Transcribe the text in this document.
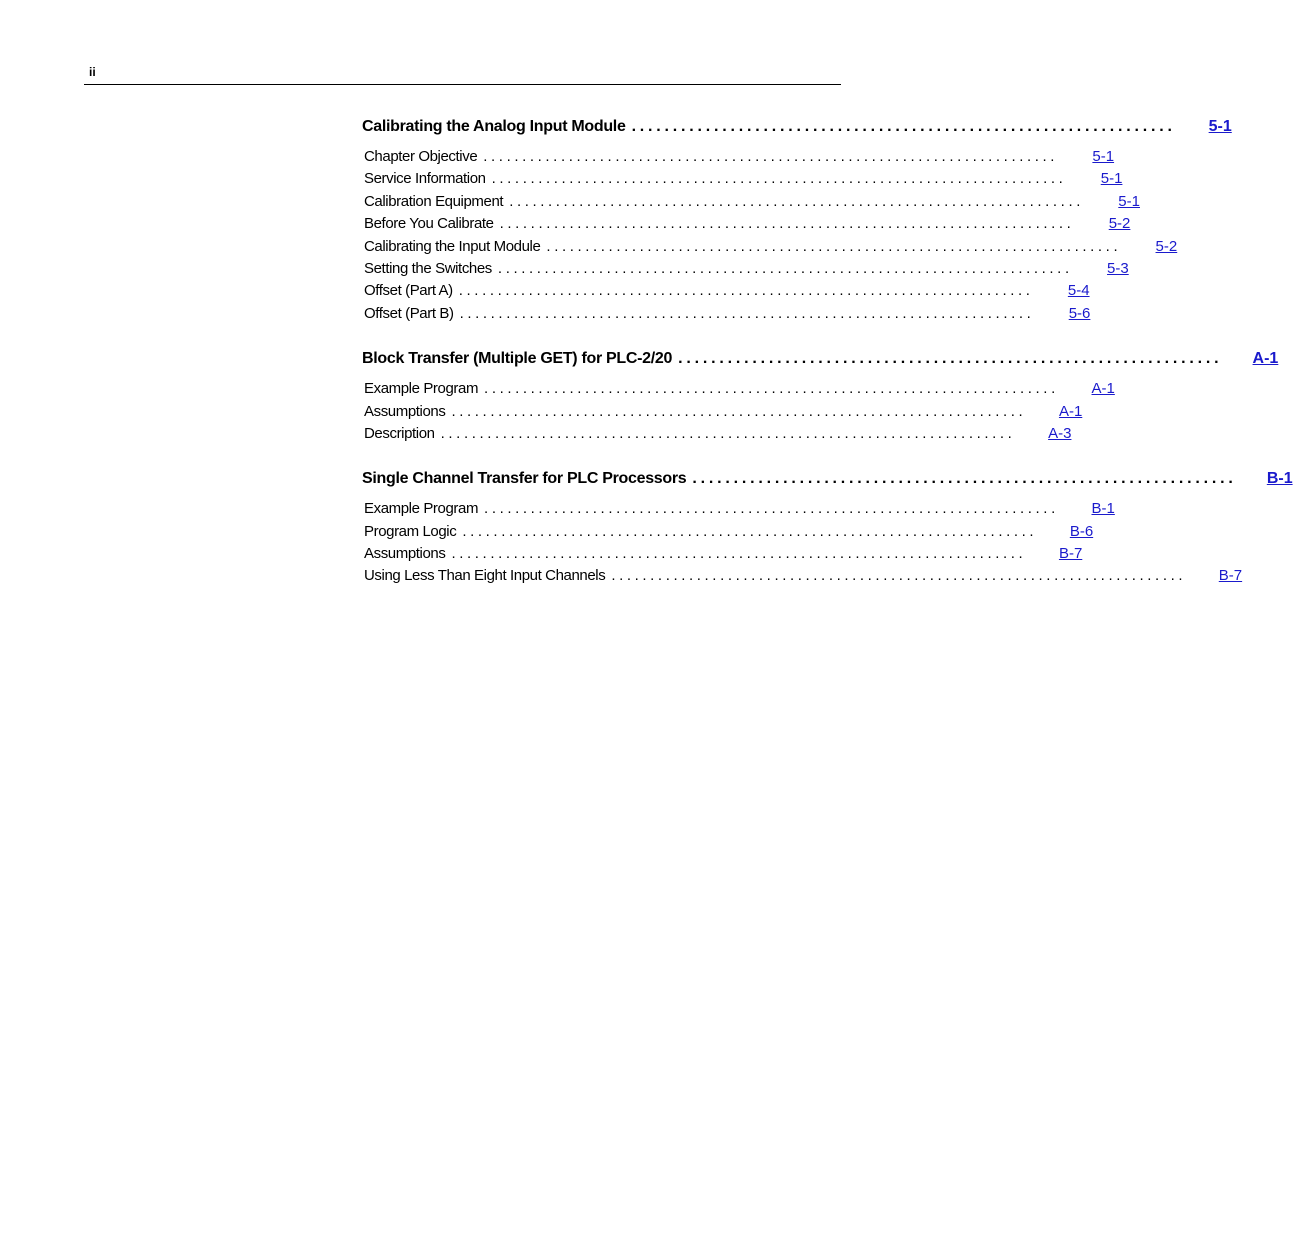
ii
Calibrating the Analog Input Module ..................................................................	5-1
Chapter Objective ..........................................................................	5-1
Service Information ..........................................................................	5-1
Calibration Equipment ..........................................................................	5-1
Before You Calibrate ..........................................................................	5-2
Calibrating the Input Module ..........................................................................	5-2
Setting the Switches ..........................................................................	5-3
Offset (Part A) ..........................................................................	5-4
Offset (Part B) ..........................................................................	5-6
Block Transfer (Multiple GET) for PLC-2/20 ..................................................................	A-1
Example Program ..........................................................................	A-1
Assumptions ..........................................................................	A-1
Description ..........................................................................	A-3
Single Channel Transfer for PLC Processors ..................................................................	B-1
Example Program ..........................................................................	B-1
Program Logic ..........................................................................	B-6
Assumptions ..........................................................................	B-7
Using Less Than Eight Input Channels ..........................................................................	B-7
